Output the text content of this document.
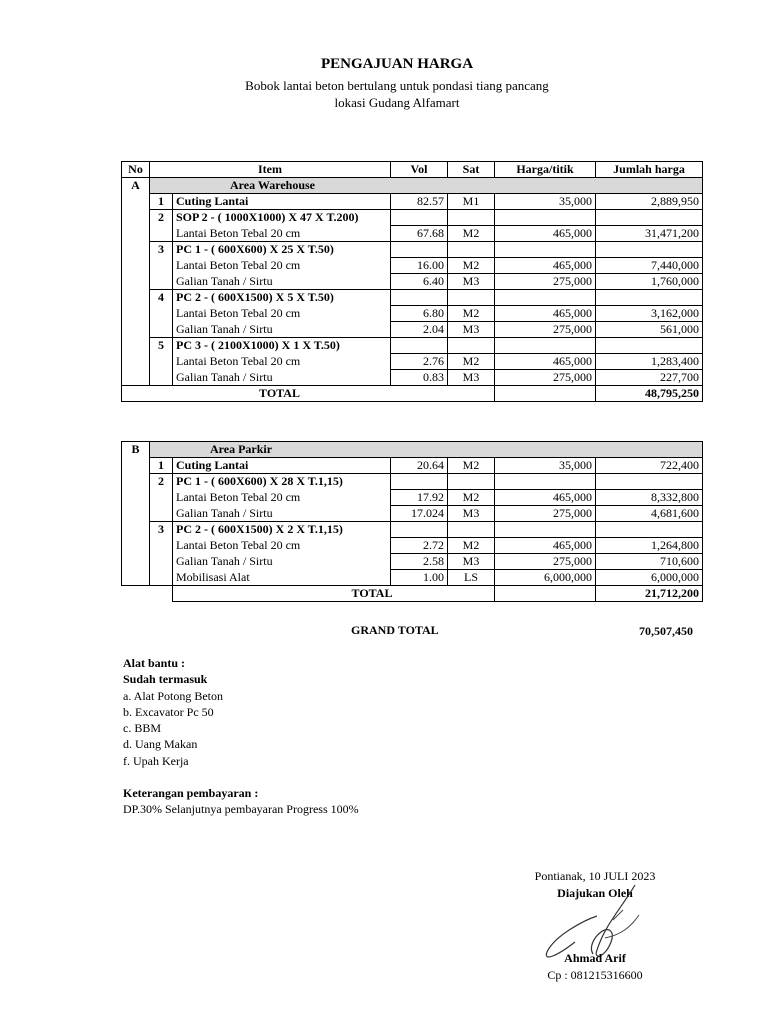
PENGAJUAN HARGA
Bobok lantai beton bertulang untuk pondasi tiang pancang
lokasi Gudang Alfamart
No	Item		Vol	Sat	Harga/titik	Jumlah harga
A	Area Warehouse					
	1	Cuting Lantai	82.57	M1	35,000	2,889,950
	2	SOP 2 - ( 1000X1000) X 47 X T.200)				
		Lantai Beton Tebal 20 cm	67.68	M2	465,000	31,471,200
	3	PC 1 - ( 600X600) X 25 X T.50)				
		Lantai Beton Tebal 20 cm	16.00	M2	465,000	7,440,000
		Galian Tanah / Sirtu	6.40	M3	275,000	1,760,000
	4	PC 2 - ( 600X1500) X 5 X T.50)				
		Lantai Beton Tebal 20 cm	6.80	M2	465,000	3,162,000
		Galian Tanah / Sirtu	2.04	M3	275,000	561,000
	5	PC 3 - ( 2100X1000) X 1 X T.50)				
		Lantai Beton Tebal 20 cm	2.76	M2	465,000	1,283,400
		Galian Tanah / Sirtu	0.83	M3	275,000	227,700
TOTAL						48,795,250
B	Area Parkir					
	1	Cuting Lantai	20.64	M2	35,000	722,400
	2	PC 1 - ( 600X600) X 28 X T.1,15)				
		Lantai Beton Tebal 20 cm	17.92	M2	465,000	8,332,800
		Galian Tanah / Sirtu	17.024	M3	275,000	4,681,600
	3	PC 2 - ( 600X1500) X 2 X T.1,15)				
		Lantai Beton Tebal 20 cm	2.72	M2	465,000	1,264,800
		Galian Tanah / Sirtu	2.58	M3	275,000	710,600
		Mobilisasi Alat	1.00	LS	6,000,000	6,000,000
		TOTAL				21,712,200
GRAND TOTAL	70,507,450
Alat bantu :
Sudah termasuk
a. Alat Potong Beton
b. Excavator Pc 50
c. BBM
d. Uang Makan
f. Upah Kerja
Keterangan pembayaran :
DP.30% Selanjutnya pembayaran Progress 100%
Pontianak, 10 JULI 2023
Diajukan Oleh
Ahmad Arif
Cp : 081215316600
